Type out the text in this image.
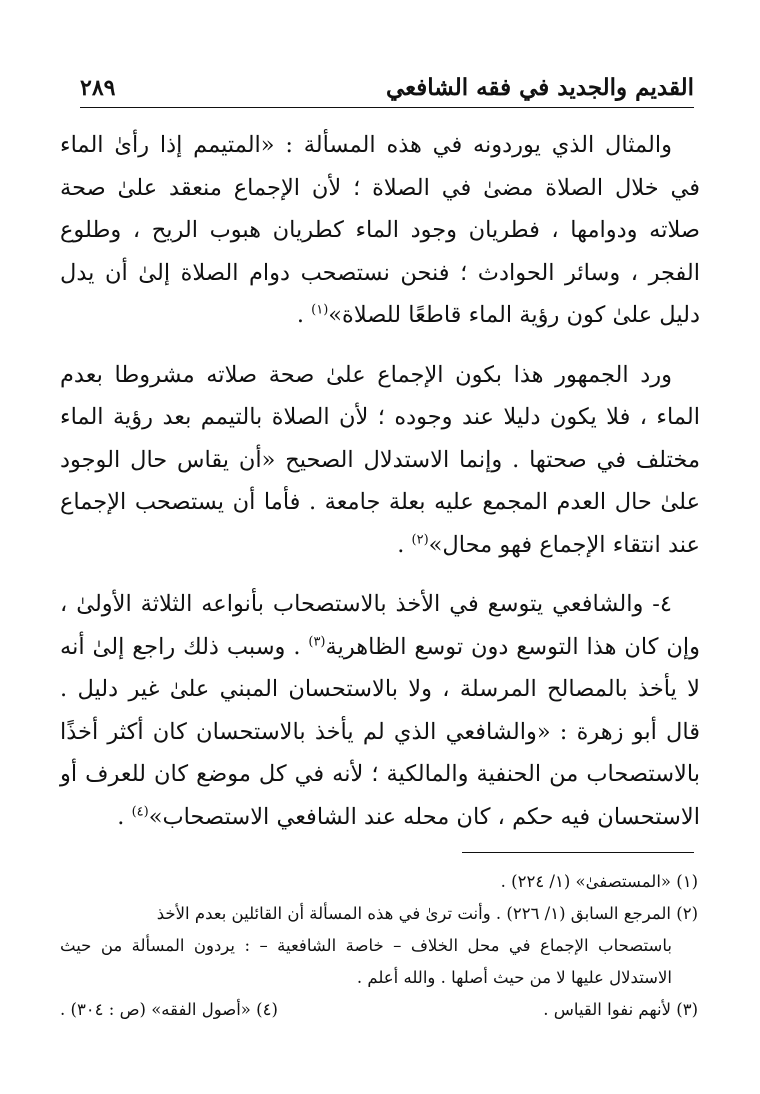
القديم والجديد في فقه الشافعي
٢٨٩

والمثال الذي يوردونه في هذه المسألة : «المتيمم إذا رأىٰ الماء في خلال الصلاة مضىٰ في الصلاة ؛ لأن الإجماع منعقد علىٰ صحة صلاته ودوامها ، فطريان وجود الماء كطريان هبوب الريح ، وطلوع الفجر ، وسائر الحوادث ؛ فنحن نستصحب دوام الصلاة إلىٰ أن يدل دليل علىٰ كون رؤية الماء قاطعًا للصلاة»$^{(١)}$ .

ورد الجمهور هذا بكون الإجماع علىٰ صحة صلاته مشروطا بعدم الماء ، فلا يكون دليلا عند وجوده ؛ لأن الصلاة بالتيمم بعد رؤية الماء مختلف في صحتها . وإنما الاستدلال الصحيح «أن يقاس حال الوجود علىٰ حال العدم المجمع عليه بعلة جامعة . فأما أن يستصحب الإجماع عند انتقاء الإجماع فهو محال»$^{(٢)}$ .

٤- والشافعي يتوسع في الأخذ بالاستصحاب بأنواعه الثلاثة الأولىٰ ، وإن كان هذا التوسع دون توسع الظاهرية$^{(٣)}$ . وسبب ذلك راجع إلىٰ أنه لا يأخذ بالمصالح المرسلة ، ولا بالاستحسان المبني علىٰ غير دليل . قال أبو زهرة : «والشافعي الذي لم يأخذ بالاستحسان كان أكثر أخذًا بالاستصحاب من الحنفية والمالكية ؛ لأنه في كل موضع كان للعرف أو الاستحسان فيه حكم ، كان محله عند الشافعي الاستصحاب»$^{(٤)}$ .

(١) «المستصفىٰ» (١/ ٢٢٤) .
(٢) المرجع السابق (١/ ٢٢٦) . وأنت ترىٰ في هذه المسألة أن القائلين بعدم الأخذ
باستصحاب الإجماع في محل الخلاف – خاصة الشافعية – : يردون المسألة من حيث الاستدلال عليها لا من حيث أصلها . والله أعلم .
(٣) لأنهم نفوا القياس .
(٤) «أصول الفقه» (ص : ٣٠٤) .
